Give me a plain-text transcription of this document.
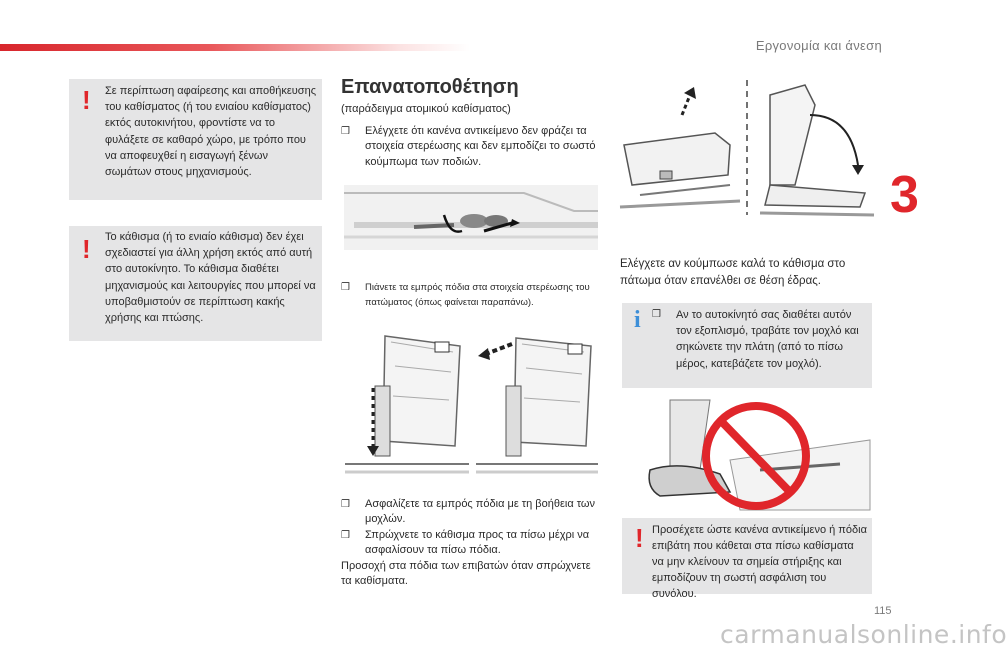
Εργονομία και άνεση
3
! Σε περίπτωση αφαίρεσης και αποθήκευσης του καθίσματος (ή του ενιαίου καθίσματος) εκτός αυτοκινήτου, φροντίστε να το φυλάξετε σε καθαρό χώρο, με τρόπο που να αποφευχθεί η εισαγωγή ξένων σωμάτων στους μηχανισμούς.
! Το κάθισμα (ή το ενιαίο κάθισμα) δεν έχει σχεδιαστεί για άλλη χρήση εκτός από αυτή στο αυτοκίνητο. Το κάθισμα διαθέτει μηχανισμούς και λειτουργίες που μπορεί να υποβαθμιστούν σε περίπτωση κακής χρήσης και πτώσης.
Επανατοποθέτηση
(παράδειγμα ατομικού καθίσματος)
❒	Ελέγχετε ότι κανένα αντικείμενο δεν φράζει τα στοιχεία στερέωσης και δεν εμποδίζει το σωστό κούμπωμα των ποδιών.
❒	Πιάνετε τα εμπρός πόδια στα στοιχεία στερέωσης του πατώματος (όπως φαίνεται παραπάνω).
❒	Ασφαλίζετε τα εμπρός πόδια με τη βοήθεια των μοχλών.
❒	Σπρώχνετε το κάθισμα προς τα πίσω μέχρι να ασφαλίσουν τα πίσω πόδια.
Προσοχή στα πόδια των επιβατών όταν σπρώχνετε τα καθίσματα.
Ελέγχετε αν κούμπωσε καλά το κάθισμα στο πάτωμα όταν επανέλθει σε θέση έδρας.
i ❒	Αν το αυτοκίνητό σας διαθέτει αυτόν τον εξοπλισμό, τραβάτε τον μοχλό και σηκώνετε την πλάτη (από το πίσω μέρος, κατεβάζετε τον μοχλό).
! Προσέχετε ώστε κανένα αντικείμενο ή πόδια επιβάτη που κάθεται στα πίσω καθίσματα να μην κλείνουν τα σημεία στήριξης και εμποδίζουν τη σωστή ασφάλιση του συνόλου.
115
carmanualsonline.info
